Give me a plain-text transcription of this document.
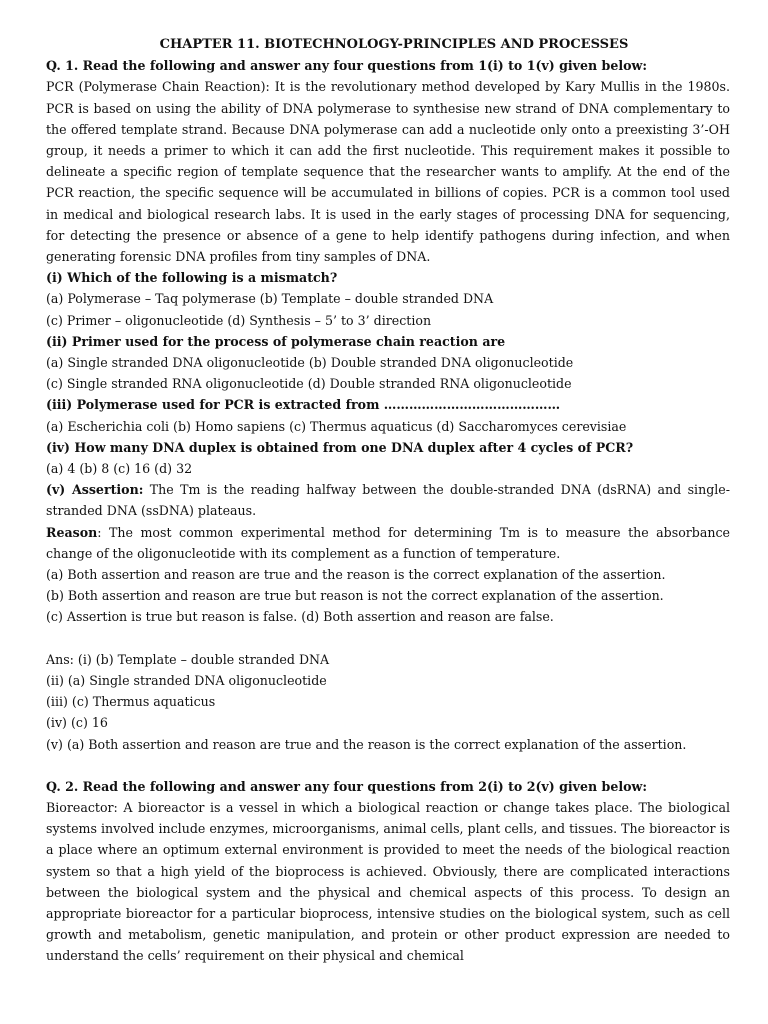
CHAPTER 11. BIOTECHNOLOGY-PRINCIPLES AND PROCESSES

Q. 1. Read the following and answer any four questions from 1(i) to 1(v) given below:

PCR (Polymerase Chain Reaction): It is the revolutionary method developed by Kary Mullis in the 1980s. PCR is based on using the ability of DNA polymerase to synthesise new strand of DNA complementary to the offered template strand. Because DNA polymerase can add a nucleotide only onto a preexisting 3’-OH group, it needs a primer to which it can add the first nucleotide. This requirement makes it possible to delineate a specific region of template sequence that the researcher wants to amplify. At the end of the PCR reaction, the specific sequence will be accumulated in billions of copies. PCR is a common tool used in medical and biological research labs. It is used in the early stages of processing DNA for sequencing, for detecting the presence or absence of a gene to help identify pathogens during infection, and when generating forensic DNA profiles from tiny samples of DNA.

(i) Which of the following is a mismatch?

(a) Polymerase – Taq polymerase (b) Template – double stranded DNA

(c) Primer – oligonucleotide (d) Synthesis – 5’ to 3’ direction

(ii) Primer used for the process of polymerase chain reaction are

(a) Single stranded DNA oligonucleotide (b) Double stranded DNA oligonucleotide

(c) Single stranded RNA oligonucleotide (d) Double stranded RNA oligonucleotide

(iii) Polymerase used for PCR is extracted from ……………………………………

(a) Escherichia coli (b) Homo sapiens (c) Thermus aquaticus (d) Saccharomyces cerevisiae

(iv) How many DNA duplex is obtained from one DNA duplex after 4 cycles of PCR?

(a) 4 (b) 8 (c) 16 (d) 32

(v) Assertion: The Tm is the reading halfway between the double-stranded DNA (dsRNA) and single-stranded DNA (ssDNA) plateaus.

Reason: The most common experimental method for determining Tm is to measure the absorbance change of the oligonucleotide with its complement as a function of temperature.

(a) Both assertion and reason are true and the reason is the correct explanation of the assertion.

(b) Both assertion and reason are true but reason is not the correct explanation of the assertion.

(c) Assertion is true but reason is false. (d) Both assertion and reason are false.

Ans: (i) (b) Template – double stranded DNA

(ii) (a) Single stranded DNA oligonucleotide

(iii) (c) Thermus aquaticus

(iv) (c) 16

(v) (a) Both assertion and reason are true and the reason is the correct explanation of the assertion.

Q. 2. Read the following and answer any four questions from 2(i) to 2(v) given below:

Bioreactor: A bioreactor is a vessel in which a biological reaction or change takes place. The biological systems involved include enzymes, microorganisms, animal cells, plant cells, and tissues. The bioreactor is a place where an optimum external environment is provided to meet the needs of the biological reaction system so that a high yield of the bioprocess is achieved. Obviously, there are complicated interactions between the biological system and the physical and chemical aspects of this process. To design an appropriate bioreactor for a particular bioprocess, intensive studies on the biological system, such as cell growth and metabolism, genetic manipulation, and protein or other product expression are needed to understand the cells’ requirement on their physical and chemical
